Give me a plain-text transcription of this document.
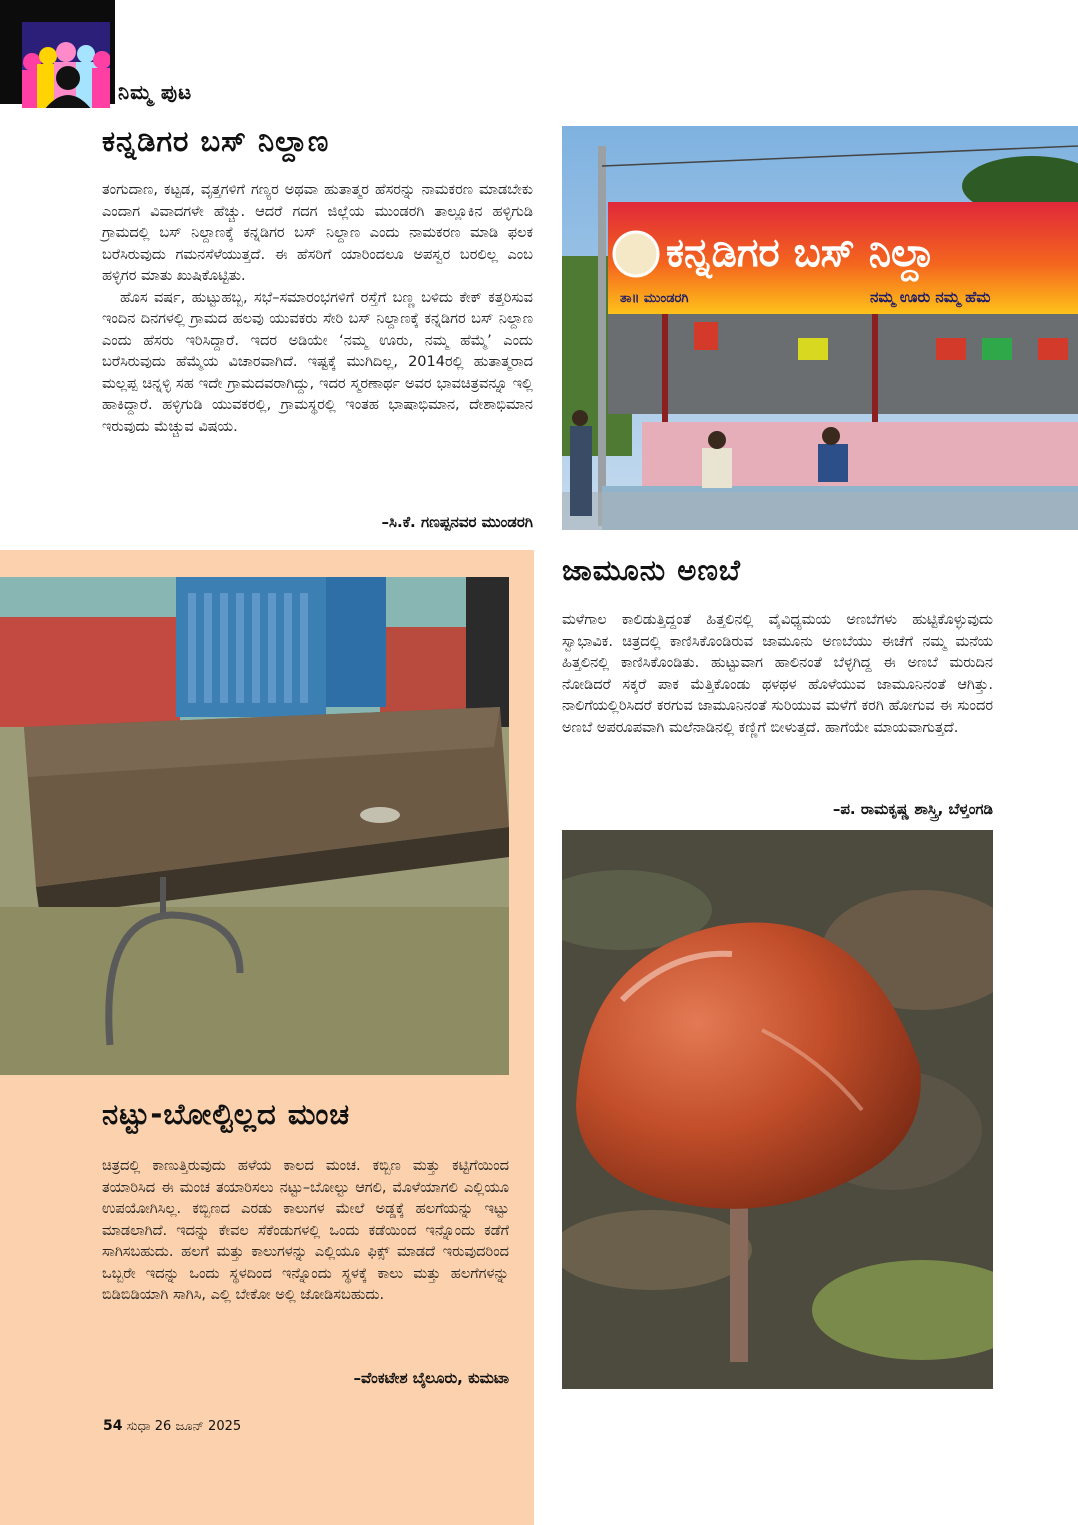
ನಿಮ್ಮ ಪುಟ
ಕನ್ನಡಿಗರ ಬಸ್ ನಿಲ್ದಾಣ

ತಂಗುದಾಣ, ಕಟ್ಟಡ, ವೃತ್ತಗಳಿಗೆ ಗಣ್ಯರ ಅಥವಾ ಹುತಾತ್ಮರ ಹೆಸರನ್ನು ನಾಮಕರಣ ಮಾಡಬೇಕು ಎಂದಾಗ ವಿವಾದಗಳೇ ಹೆಚ್ಚು. ಆದರೆ ಗದಗ ಜಿಲ್ಲೆಯ ಮುಂಡರಗಿ ತಾಲ್ಲೂಕಿನ ಹಳ್ಳಿಗುಡಿ ಗ್ರಾಮದಲ್ಲಿ ಬಸ್ ನಿಲ್ದಾಣಕ್ಕೆ ಕನ್ನಡಿಗರ ಬಸ್ ನಿಲ್ದಾಣ ಎಂದು ನಾಮಕರಣ ಮಾಡಿ ಫಲಕ ಬರೆಸಿರುವುದು ಗಮನಸೆಳೆಯುತ್ತದೆ. ಈ ಹೆಸರಿಗೆ ಯಾರಿಂದಲೂ ಅಪಸ್ವರ ಬರಲಿಲ್ಲ ಎಂಬ ಹಳ್ಳಿಗರ ಮಾತು ಖುಷಿಕೊಟ್ಟಿತು.

ಹೊಸ ವರ್ಷ, ಹುಟ್ಟುಹಬ್ಬ, ಸಭೆ–ಸಮಾರಂಭಗಳಿಗೆ ರಸ್ತೆಗೆ ಬಣ್ಣ ಬಳಿದು ಕೇಕ್ ಕತ್ತರಿಸುವ ಇಂದಿನ ದಿನಗಳಲ್ಲಿ ಗ್ರಾಮದ ಹಲವು ಯುವಕರು ಸೇರಿ ಬಸ್ ನಿಲ್ದಾಣಕ್ಕೆ ಕನ್ನಡಿಗರ ಬಸ್ ನಿಲ್ದಾಣ ಎಂದು ಹೆಸರು ಇರಿಸಿದ್ದಾರೆ. ಇದರ ಅಡಿಯೇ ‘ನಮ್ಮ ಊರು, ನಮ್ಮ ಹೆಮ್ಮೆ’ ಎಂದು ಬರೆಸಿರುವುದು ಹೆಮ್ಮೆಯ ವಿಚಾರವಾಗಿದೆ. ಇಷ್ಟಕ್ಕೆ ಮುಗಿದಿಲ್ಲ, 2014ರಲ್ಲಿ ಹುತಾತ್ಮರಾದ ಮಲ್ಲಪ್ಪ ಚಿನ್ನಳ್ಳಿ ಸಹ ಇದೇ ಗ್ರಾಮದವರಾಗಿದ್ದು, ಇದರ ಸ್ಮರಣಾರ್ಥ ಅವರ ಭಾವಚಿತ್ರವನ್ನೂ ಇಲ್ಲಿ ಹಾಕಿದ್ದಾರೆ. ಹಳ್ಳಿಗುಡಿ ಯುವಕರಲ್ಲಿ, ಗ್ರಾಮಸ್ಥರಲ್ಲಿ ಇಂತಹ ಭಾಷಾಭಿಮಾನ, ದೇಶಾಭಿಮಾನ ಇರುವುದು ಮೆಚ್ಚುವ ವಿಷಯ.

–ಸಿ.ಕೆ. ಗಣಪ್ಪನವರ ಮುಂಡರಗಿ
ಕನ್ನಡಿಗರ ಬಸ್ ನಿಲ್ದಾ
ತಾ॥ ಮುಂಡರಗಿ	ನಮ್ಮ ಊರು ನಮ್ಮ ಹೆಮ
ನಟ್ಟು-ಬೋಲ್ಟಿಲ್ಲದ ಮಂಚ

ಚಿತ್ರದಲ್ಲಿ ಕಾಣುತ್ತಿರುವುದು ಹಳೆಯ ಕಾಲದ ಮಂಚ. ಕಬ್ಬಿಣ ಮತ್ತು ಕಟ್ಟಿಗೆಯಿಂದ ತಯಾರಿಸಿದ ಈ ಮಂಚ ತಯಾರಿಸಲು ನಟ್ಟು–ಬೋಲ್ಟು ಆಗಲಿ, ಮೊಳೆಯಾಗಲಿ ಎಲ್ಲಿಯೂ ಉಪಯೋಗಿಸಿಲ್ಲ. ಕಬ್ಬಿಣದ ಎರಡು ಕಾಲುಗಳ ಮೇಲೆ ಅಡ್ಡಕ್ಕೆ ಹಲಗೆಯನ್ನು ಇಟ್ಟು ಮಾಡಲಾಗಿದೆ. ಇದನ್ನು ಕೇವಲ ಸೆಕೆಂಡುಗಳಲ್ಲಿ ಒಂದು ಕಡೆಯಿಂದ ಇನ್ನೊಂದು ಕಡೆಗೆ ಸಾಗಿಸಬಹುದು. ಹಲಗೆ ಮತ್ತು ಕಾಲುಗಳನ್ನು ಎಲ್ಲಿಯೂ ಫಿಕ್ಸ್ ಮಾಡದೆ ಇರುವುದರಿಂದ ಒಬ್ಬರೇ ಇದನ್ನು ಒಂದು ಸ್ಥಳದಿಂದ ಇನ್ನೊಂದು ಸ್ಥಳಕ್ಕೆ ಕಾಲು ಮತ್ತು ಹಲಗೆಗಳನ್ನು ಬಿಡಿಬಿಡಿಯಾಗಿ ಸಾಗಿಸಿ, ಎಲ್ಲಿ ಬೇಕೋ ಅಲ್ಲಿ ಜೋಡಿಸಬಹುದು.

–ವೆಂಕಟೇಶ ಬೈಲೂರು, ಕುಮಟಾ
ಜಾಮೂನು ಅಣಬೆ

ಮಳೆಗಾಲ ಕಾಲಿಡುತ್ತಿದ್ದಂತೆ ಹಿತ್ತಲಿನಲ್ಲಿ ವೈವಿಧ್ಯಮಯ ಅಣಬೆಗಳು ಹುಟ್ಟಿಕೊಳ್ಳುವುದು ಸ್ವಾಭಾವಿಕ. ಚಿತ್ರದಲ್ಲಿ ಕಾಣಿಸಿಕೊಂಡಿರುವ ಜಾಮೂನು ಅಣಬೆಯು ಈಚೆಗೆ ನಮ್ಮ ಮನೆಯ ಹಿತ್ತಲಿನಲ್ಲಿ ಕಾಣಿಸಿಕೊಂಡಿತು. ಹುಟ್ಟುವಾಗ ಹಾಲಿನಂತೆ ಬೆಳ್ಳಗಿದ್ದ ಈ ಅಣಬೆ ಮರುದಿನ ನೋಡಿದರೆ ಸಕ್ಕರೆ ಪಾಕ ಮೆತ್ತಿಕೊಂಡು ಥಳಥಳ ಹೊಳೆಯುವ ಜಾಮೂನಿನಂತೆ ಆಗಿತ್ತು. ನಾಲಿಗೆಯಲ್ಲಿರಿಸಿದರೆ ಕರಗುವ ಜಾಮೂನಿನಂತೆ ಸುರಿಯುವ ಮಳೆಗೆ ಕರಗಿ ಹೋಗುವ ಈ ಸುಂದರ ಅಣಬೆ ಅಪರೂಪವಾಗಿ ಮಲೆನಾಡಿನಲ್ಲಿ ಕಣ್ಣಿಗೆ ಬೀಳುತ್ತದೆ. ಹಾಗೆಯೇ ಮಾಯವಾಗುತ್ತದೆ.

–ಪ. ರಾಮಕೃಷ್ಣ ಶಾಸ್ತ್ರಿ, ಬೆಳ್ತಂಗಡಿ
54 ಸುಧಾ 26 ಜೂನ್ 2025
